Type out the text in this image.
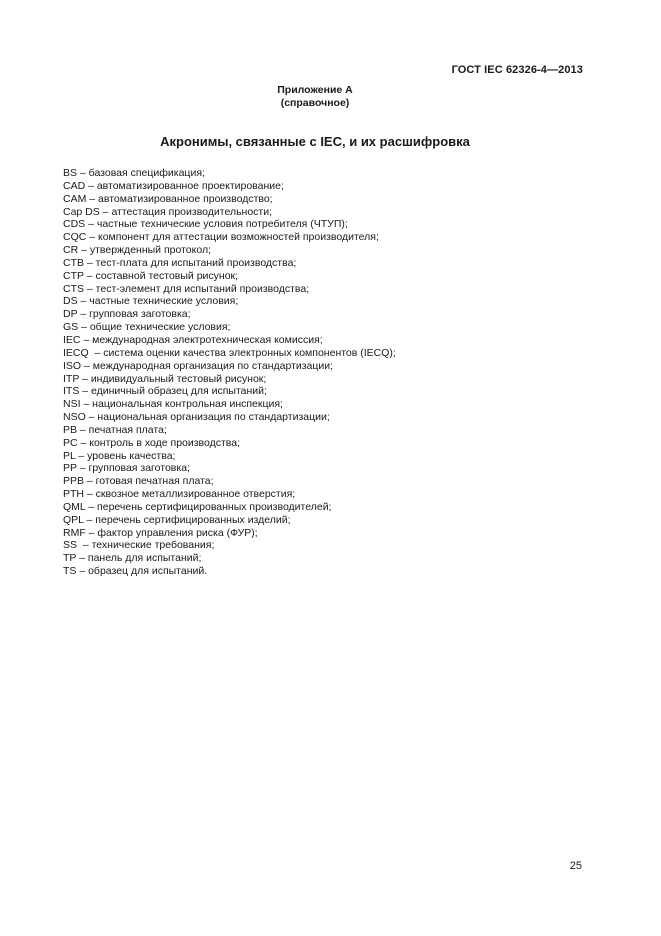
ГОСТ IEC 62326-4—2013
Приложение А
(справочное)
Акронимы, связанные с IEC, и их расшифровка
BS – базовая спецификация;
CAD – автоматизированное проектирование;
CAM – автоматизированное производство;
Cap DS – аттестация производительности;
CDS – частные технические условия потребителя (ЧТУП);
CQC – компонент для аттестации возможностей производителя;
CR – утвержденный протокол;
CTB – тест-плата для испытаний производства;
CTP – составной тестовый рисунок;
CTS – тест-элемент для испытаний производства;
DS – частные технические условия;
DP – групповая заготовка;
GS – общие технические условия;
IEC – международная электротехническая комиссия;
IECQ  – система оценки качества электронных компонентов (IECQ);
ISO – международная организация по стандартизации;
ITP – индивидуальный тестовый рисунок;
ITS – единичный образец для испытаний;
NSI – национальная контрольная инспекция;
NSO – национальная организация по стандартизации;
PB – печатная плата;
PC – контроль в ходе производства;
PL – уровень качества;
PP – групповая заготовка;
PPB – готовая печатная плата;
PTH – сквозное металлизированное отверстия;
QML – перечень сертифицированных производителей;
QPL – перечень сертифицированных изделий;
RMF – фактор управления риска (ФУР);
SS  – технические требования;
TP – панель для испытаний;
TS – образец для испытаний.
25
